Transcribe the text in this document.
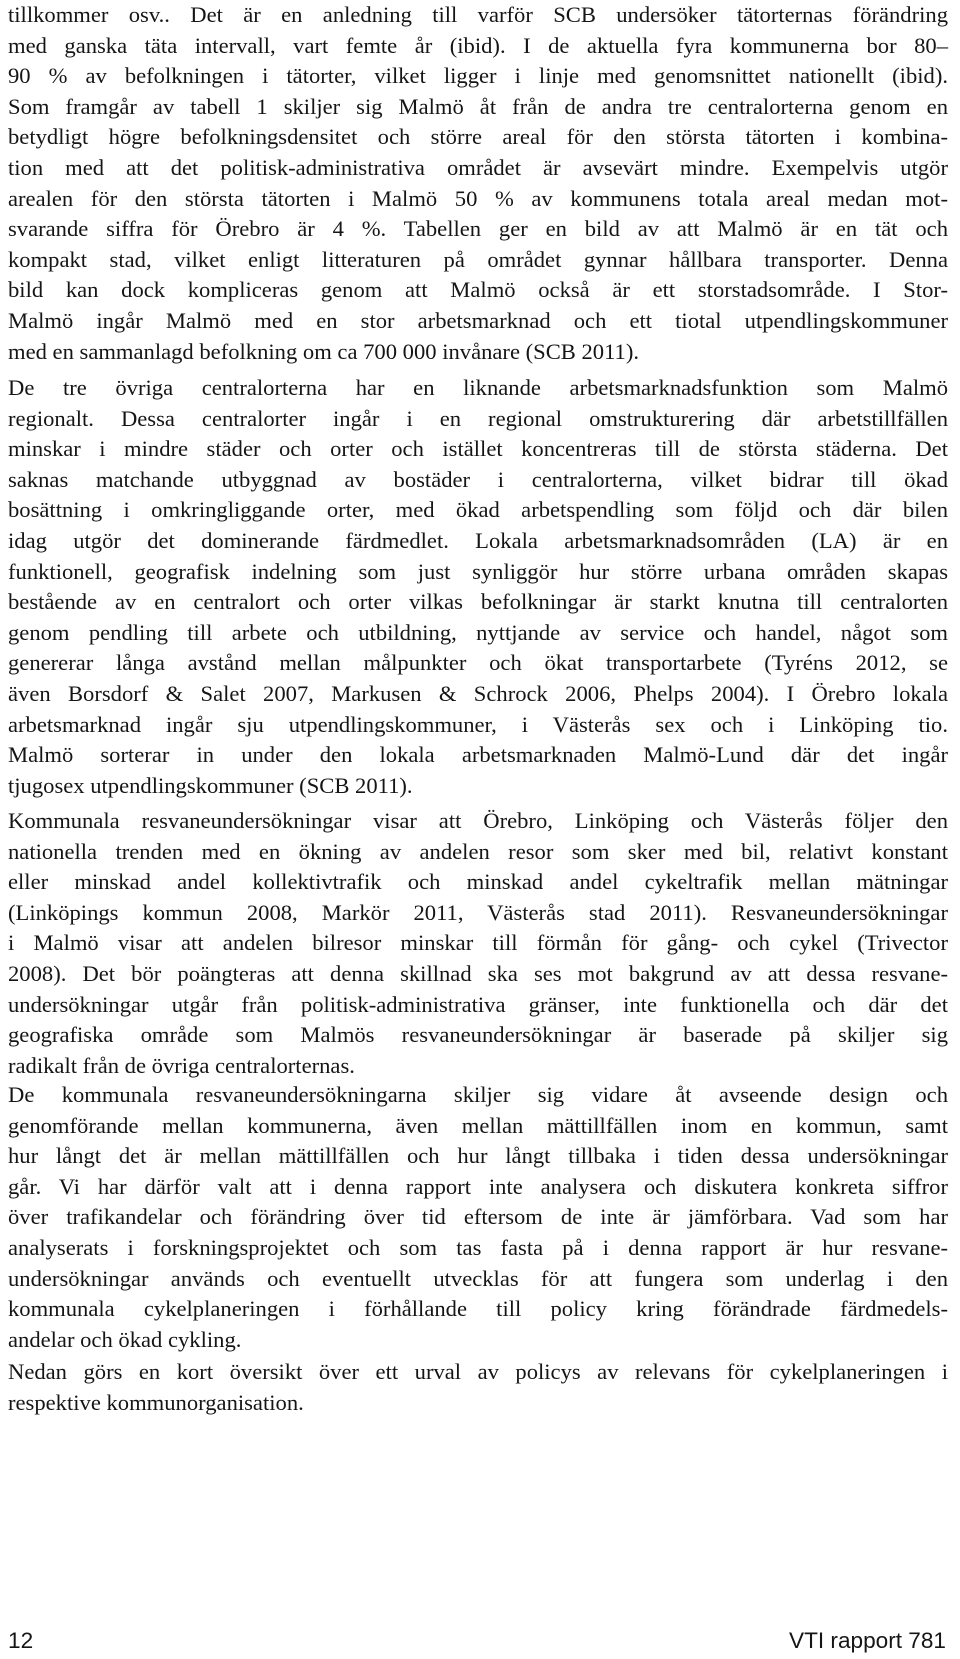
tillkommer osv.. Det är en anledning till varför SCB undersöker tätorternas förändring
med ganska täta intervall, vart femte år (ibid). I de aktuella fyra kommunerna bor 80–
90 % av befolkningen i tätorter, vilket ligger i linje med genomsnittet nationellt (ibid).
Som framgår av tabell 1 skiljer sig Malmö åt från de andra tre centralorterna genom en
betydligt högre befolkningsdensitet och större areal för den största tätorten i kombina-
tion med att det politisk-administrativa området är avsevärt mindre. Exempelvis utgör
arealen för den största tätorten i Malmö 50 % av kommunens totala areal medan mot-
svarande siffra för Örebro är 4 %. Tabellen ger en bild av att Malmö är en tät och
kompakt stad, vilket enligt litteraturen på området gynnar hållbara transporter. Denna
bild kan dock kompliceras genom att Malmö också är ett storstadsområde. I Stor-
Malmö ingår Malmö med en stor arbetsmarknad och ett tiotal utpendlingskommuner
med en sammanlagd befolkning om ca 700 000 invånare (SCB 2011).
De tre övriga centralorterna har en liknande arbetsmarknadsfunktion som Malmö
regionalt. Dessa centralorter ingår i en regional omstrukturering där arbetstillfällen
minskar i mindre städer och orter och istället koncentreras till de största städerna. Det
saknas matchande utbyggnad av bostäder i centralorterna, vilket bidrar till ökad
bosättning i omkringliggande orter, med ökad arbetspendling som följd och där bilen
idag utgör det dominerande färdmedlet. Lokala arbetsmarknadsområden (LA) är en
funktionell, geografisk indelning som just synliggör hur större urbana områden skapas
bestående av en centralort och orter vilkas befolkningar är starkt knutna till centralorten
genom pendling till arbete och utbildning, nyttjande av service och handel, något som
genererar långa avstånd mellan målpunkter och ökat transportarbete (Tyréns 2012, se
även Borsdorf & Salet 2007, Markusen & Schrock 2006, Phelps 2004). I Örebro lokala
arbetsmarknad ingår sju utpendlingskommuner, i Västerås sex och i Linköping tio.
Malmö sorterar in under den lokala arbetsmarknaden Malmö-Lund där det ingår
tjugosex utpendlingskommuner (SCB 2011).
Kommunala resvaneundersökningar visar att Örebro, Linköping och Västerås följer den
nationella trenden med en ökning av andelen resor som sker med bil, relativt konstant
eller minskad andel kollektivtrafik och minskad andel cykeltrafik mellan mätningar
(Linköpings kommun 2008, Markör 2011, Västerås stad 2011). Resvaneundersökningar
i Malmö visar att andelen bilresor minskar till förmån för gång- och cykel (Trivector
2008). Det bör poängteras att denna skillnad ska ses mot bakgrund av att dessa resvane-
undersökningar utgår från politisk-administrativa gränser, inte funktionella och där det
geografiska område som Malmös resvaneundersökningar är baserade på skiljer sig
radikalt från de övriga centralorternas.
De kommunala resvaneundersökningarna skiljer sig vidare åt avseende design och
genomförande mellan kommunerna, även mellan mättillfällen inom en kommun, samt
hur långt det är mellan mättillfällen och hur långt tillbaka i tiden dessa undersökningar
går. Vi har därför valt att i denna rapport inte analysera och diskutera konkreta siffror
över trafikandelar och förändring över tid eftersom de inte är jämförbara. Vad som har
analyserats i forskningsprojektet och som tas fasta på i denna rapport är hur resvane-
undersökningar används och eventuellt utvecklas för att fungera som underlag i den
kommunala cykelplaneringen i förhållande till policy kring förändrade färdmedels-
andelar och ökad cykling.
Nedan görs en kort översikt över ett urval av policys av relevans för cykelplaneringen i
respektive kommunorganisation.
12	VTI rapport 781
